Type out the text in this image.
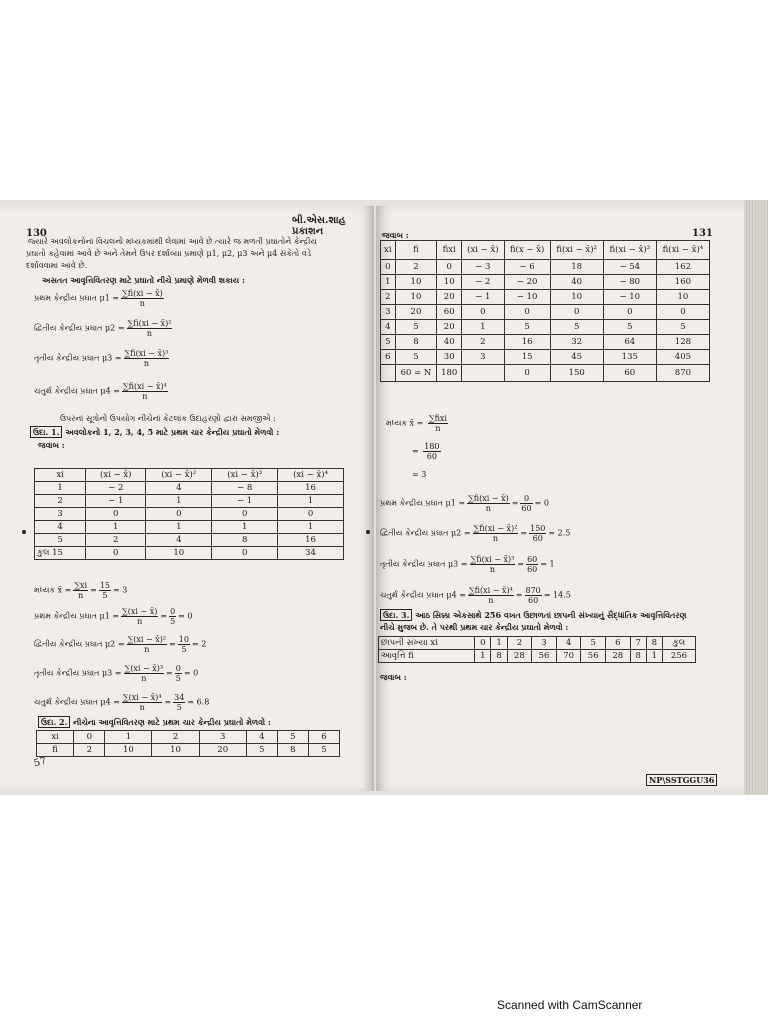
130
બી.એસ.શાહ પ્રકાશન
જ્યારે અવલોકનોનાં વિચલનો મધ્યકમાંથી લેવામાં આવે છે ત્યારે જ મળતી પ્રઘાતોને કેન્દ્રીય
પ્રઘાતો કહેવામાં આવે છે અને તેમને ઉપર દર્શાવ્યા પ્રમાણે μ1, μ2, μ3 અને μ4 સંકેતો વડે
દર્શાવવામાં આવે છે.
અસતત આવૃત્તિવિતરણ માટે પ્રઘાતો નીચે પ્રમાણે મેળવી શકાય :
પ્રથમ કેન્દ્રીય પ્રઘાત $\mu 1 = \frac{\sum fi(xi - x̄)}{n}$
દ્વિતીય કેન્દ્રીય પ્રઘાત $\mu 2 = \frac{\text{∑fi(xi − x̄)²}}{n}$
તૃતીય કેન્દ્રીય પ્રઘાત $\mu 3 = \frac{\text{∑fi(xi − x̄)³}}{n}$
ચતુર્થ કેન્દ્રીય પ્રઘાત $\mu 4 = \frac{\text{∑fi(xi − x̄)⁴}}{n}$
ઉપરનાં સૂત્રોનો ઉપયોગ નીચેનાં કેટલાંક ઉદાહરણો દ્વારા સમજીએ :
ઉદા. 1. અવલોકનો 1, 2, 3, 4, 5 માટે પ્રથમ ચાર કેન્દ્રીય પ્રઘાતો મેળવો :
જવાબ :
xi	(xi − x̄)	(xi − x̄)²	(xi − x̄)³	(xi − x̄)⁴
1	− 2	4	− 8	16
2	− 1	1	− 1	1
3	0	0	0	0
4	1	1	1	1
5	2	4	8	16
કુલ 15	0	10	0	34
મધ્યક x̄ = $\frac{\sum xi}{n} = \frac{15}{5} = 3$
પ્રથમ કેન્દ્રીય પ્રઘાત $\mu 1 = \frac{\sum(xi - x̄)}{n} = \frac{0}{5} = 0$
દ્વિતીય કેન્દ્રીય પ્રઘાત $\mu 2 = \frac{\text{∑(xi − x̄)²}}{n} = \frac{10}{5} = 2$
તૃતીય કેન્દ્રીય પ્રઘાત $\mu 3 = \frac{\text{∑(xi − x̄)³}}{n} = \frac{0}{5} = 0$
ચતુર્થ કેન્દ્રીય પ્રઘાત $\mu 4 = \frac{\text{∑(xi − x̄)⁴}}{n} = \frac{34}{5} = 6.8$
ઉદા. 2. નીચેના આવૃત્તિવિતરણ માટે પ્રથમ ચાર કેન્દ્રીય પ્રઘાતો મેળવો :
xi	0	1	2	3	4	5	6
fi	2	10	10	20	5	8	5
57
131
જવાબ :
xi	fi	fixi	(xi − x̄)	fi(x − x̄)	fi(xi − x̄)²	fi(xi − x̄)³	fi(xi − x̄)⁴
0	2	0	− 3	− 6	18	− 54	162
1	10	10	− 2	− 20	40	− 80	160
2	10	20	− 1	− 10	10	− 10	10
3	20	60	0	0	0	0	0
4	5	20	1	5	5	5	5
5	8	40	2	16	32	64	128
6	5	30	3	15	45	135	405
	60 = N	180		0	150	60	870
મધ્યક x̄ = $\frac{\text{∑fixi}}{n}$
= $\frac{180}{60}$
= 3
પ્રથમ કેન્દ્રીય પ્રઘાત $\mu 1 = \frac{\sum fi(xi - x̄)}{n} = \frac{0}{60} = 0$
દ્વિતીય કેન્દ્રીય પ્રઘાત $\mu 2 = \frac{\text{∑fi(xi − x̄)²}}{n} = \frac{150}{60} = 2.5$
તૃતીય કેન્દ્રીય પ્રઘાત $\mu 3 = \frac{\text{∑fi(xi − x̄)³}}{n} = \frac{60}{60} = 1$
ચતુર્થ કેન્દ્રીય પ્રઘાત $\mu 4 = \frac{\text{∑fi(xi − x̄)⁴}}{n} = \frac{870}{60} = 14.5$
ઉદા. 3. આઠ સિક્કા એકસાથે 256 વખત ઉછાળતાં છાપની સંખ્યાનું સૈદ્ધાંતિક આવૃત્તિવિતરણ
નીચે મુજબ છે. તે પરથી પ્રથમ ચાર કેન્દ્રીય પ્રઘાતો મેળવો :
છાપની સંખ્યા xi	0	1	2	3	4	5	6	7	8	કુલ
આવૃત્તિ fi	1	8	28	56	70	56	28	8	1	256
જવાબ :
NP\SSTGGU36
Scanned with CamScanner
